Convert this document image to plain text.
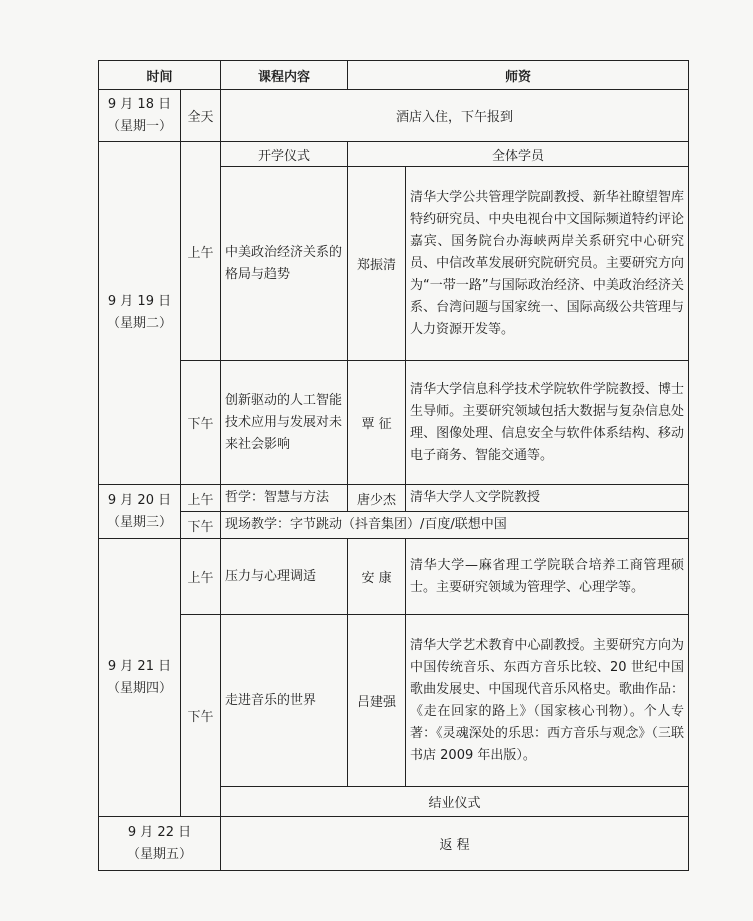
时间		课程内容	师资	

9 月 18 日
（星期一）	全天	酒店入住，下午报到		

9 月 19 日
（星期二）	上午	开学仪式	全体学员	
		中美政治经济关系的格局与趋势	郑振清	清华大学公共管理学院副教授、新华社瞭望智库特约研究员、中央电视台中文国际频道特约评论嘉宾、国务院台办海峡两岸关系研究中心研究员、中信改革发展研究院研究员。主要研究方向为“一带一路”与国际政治经济、中美政治经济关系、台湾问题与国家统一、国际高级公共管理与人力资源开发等。
	下午	创新驱动的人工智能技术应用与发展对未来社会影响	覃 征	清华大学信息科学技术学院软件学院教授、博士生导师。主要研究领域包括大数据与复杂信息处理、图像处理、信息安全与软件体系结构、移动电子商务、智能交通等。

9 月 20 日
（星期三）	上午	哲学：智慧与方法	唐少杰	清华大学人文学院教授
	下午	现场教学：字节跳动（抖音集团）/百度/联想中国		

9 月 21 日
（星期四）	上午	压力与心理调适	安 康	清华大学—麻省理工学院联合培养工商管理硕士。主要研究领域为管理学、心理学等。
	下午	走进音乐的世界	吕建强	清华大学艺术教育中心副教授。主要研究方向为中国传统音乐、东西方音乐比较、20 世纪中国歌曲发展史、中国现代音乐风格史。歌曲作品：《走在回家的路上》（国家核心刊物）。个人专著：《灵魂深处的乐思：西方音乐与观念》（三联书店 2009 年出版）。
		结业仪式		

9 月 22 日
（星期五）		返 程		
